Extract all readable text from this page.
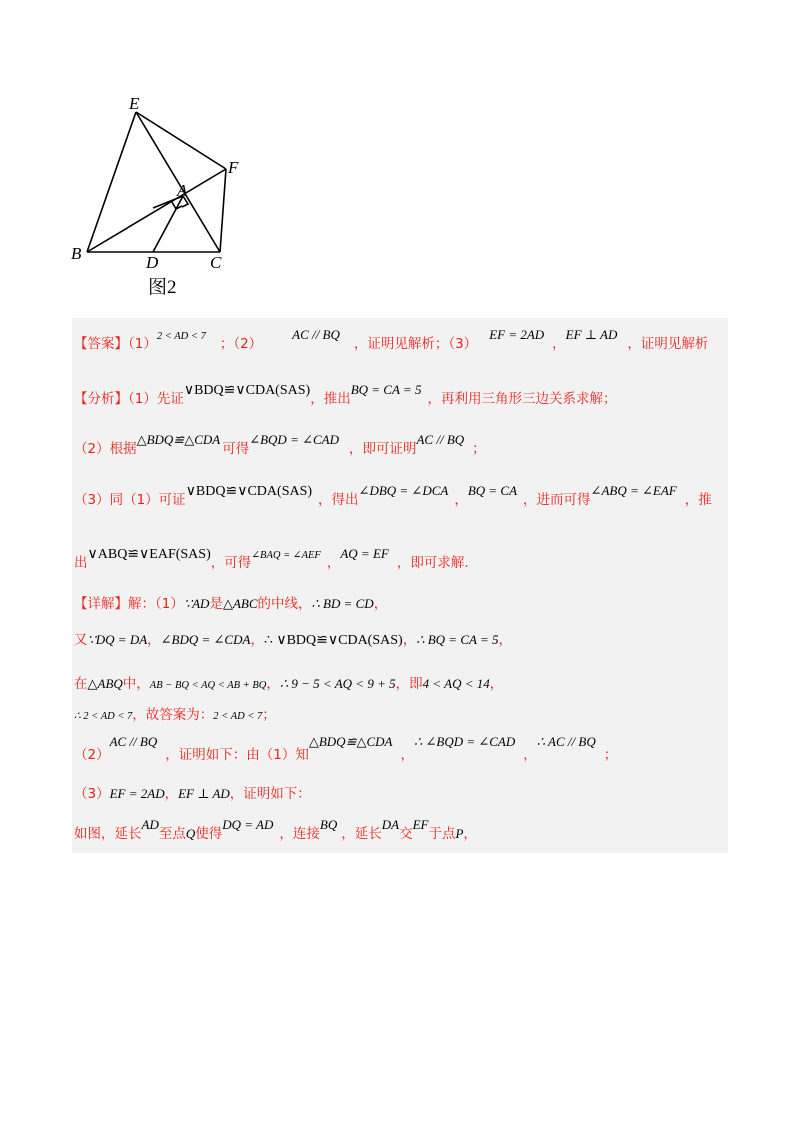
E
F
A
B	D	C
图2
【答案】（1）2 < AD < 7 ；（2）AC // BQ，证明见解析；（3）EF = 2AD，EF ⊥ AD，证明见解析
【分析】（1）先证∨BDQ≌∨CDA(SAS)，推出BQ = CA = 5，再利用三角形三边关系求解；
（2）根据△BDQ≌△CDA可得∠BQD = ∠CAD，即可证明AC // BQ；
（3）同（1）可证∨BDQ≌∨CDA(SAS)，得出∠DBQ = ∠DCA，BQ = CA，进而可得∠ABQ = ∠EAF，推
出∨ABQ≌∨EAF(SAS)，可得∠BAQ = ∠AEF ，AQ = EF，即可求解.
【详解】解：（1）∵AD是△ABC的中线，∴ BD = CD，
又∵DQ = DA，∠BDQ = ∠CDA，∴ ∨BDQ≌∨CDA(SAS)，∴ BQ = CA = 5，
在△ABQ中，AB − BQ < AQ < AB + BQ，∴ 9 − 5 < AQ < 9 + 5，即4 < AQ < 14，
∴ 2 < AD < 7，故答案为：2 < AD < 7；
（2）AC // BQ，证明如下：由（1）知△BDQ≌△CDA，∴ ∠BQD = ∠CAD，∴ AC // BQ；
（3）EF = 2AD，EF ⊥ AD，证明如下：
如图，延长AD至点Q使得DQ = AD，连接BQ，延长DA交EF于点P，
